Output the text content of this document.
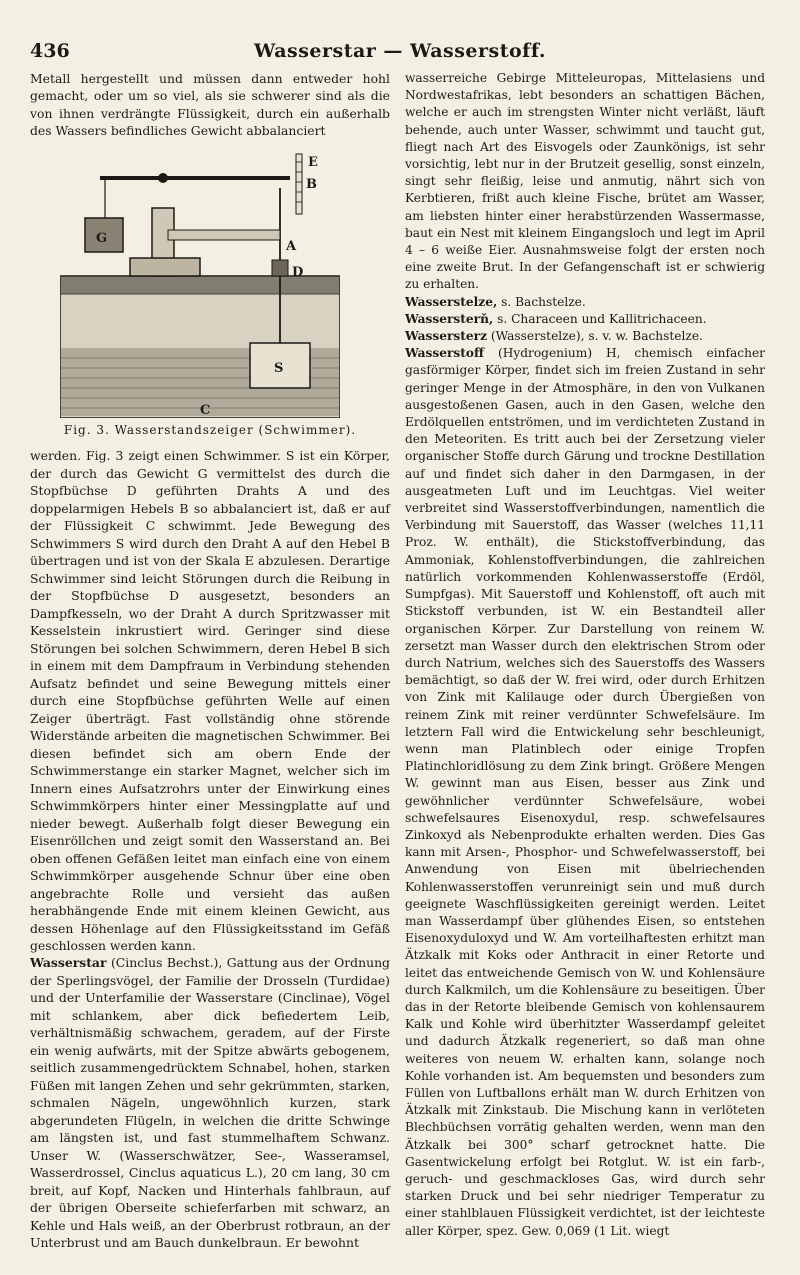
436	Wasserstar — Wasserstoff.

Metall hergestellt und müssen dann entweder hohl gemacht, oder um so viel, als sie schwerer sind als die von ihnen verdrängte Flüssigkeit, durch ein außerhalb des Wassers befindliches Gewicht abbalanciert

E
B
G
A
D
S
C
Fig. 3. Wasserstandszeiger (Schwimmer).

werden. Fig. 3 zeigt einen Schwimmer. S ist ein Körper, der durch das Gewicht G vermittelst des durch die Stopfbüchse D geführten Drahts A und des doppelarmigen Hebels B so abbalanciert ist, daß er auf der Flüssigkeit C schwimmt. Jede Bewegung des Schwimmers S wird durch den Draht A auf den Hebel B übertragen und ist von der Skala E abzulesen. Derartige Schwimmer sind leicht Störungen durch die Reibung in der Stopfbüchse D ausgesetzt, besonders an Dampfkesseln, wo der Draht A durch Spritzwasser mit Kesselstein inkrustiert wird. Geringer sind diese Störungen bei solchen Schwimmern, deren Hebel B sich in einem mit dem Dampfraum in Verbindung stehenden Aufsatz befindet und seine Bewegung mittels einer durch eine Stopfbüchse geführten Welle auf einen Zeiger überträgt. Fast vollständig ohne störende Widerstände arbeiten die magnetischen Schwimmer. Bei diesen befindet sich am obern Ende der Schwimmerstange ein starker Magnet, welcher sich im Innern eines Aufsatzrohrs unter der Einwirkung eines Schwimmkörpers hinter einer Messingplatte auf und nieder bewegt. Außerhalb folgt dieser Bewegung ein Eisenröllchen und zeigt somit den Wasserstand an. Bei oben offenen Gefäßen leitet man einfach eine von einem Schwimmkörper ausgehende Schnur über eine oben angebrachte Rolle und versieht das außen herabhängende Ende mit einem kleinen Gewicht, aus dessen Höhenlage auf den Flüssigkeitsstand im Gefäß geschlossen werden kann.

Wasserstar (Cinclus Bechst.), Gattung aus der Ordnung der Sperlingsvögel, der Familie der Drosseln (Turdidae) und der Unterfamilie der Wasserstare (Cinclinae), Vögel mit schlankem, aber dick befiedertem Leib, verhältnismäßig schwachem, geradem, auf der Firste ein wenig aufwärts, mit der Spitze abwärts gebogenem, seitlich zusammengedrücktem Schnabel, hohen, starken Füßen mit langen Zehen und sehr gekrümmten, starken, schmalen Nägeln, ungewöhnlich kurzen, stark abgerundeten Flügeln, in welchen die dritte Schwinge am längsten ist, und fast stummelhaftem Schwanz. Unser W. (Wasserschwätzer, See-, Wasseramsel, Wasserdrossel, Cinclus aquaticus L.), 20 cm lang, 30 cm breit, auf Kopf, Nacken und Hinterhals fahlbraun, auf der übrigen Oberseite schieferfarben mit schwarz, an Kehle und Hals weiß, an der Oberbrust rotbraun, an der Unterbrust und am Bauch dunkelbraun. Er bewohnt

wasserreiche Gebirge Mitteleuropas, Mittelasiens und Nordwestafrikas, lebt besonders an schattigen Bächen, welche er auch im strengsten Winter nicht verläßt, läuft behende, auch unter Wasser, schwimmt und taucht gut, fliegt nach Art des Eisvogels oder Zaunkönigs, ist sehr vorsichtig, lebt nur in der Brutzeit gesellig, sonst einzeln, singt sehr fleißig, leise und anmutig, nährt sich von Kerbtieren, frißt auch kleine Fische, brütet am Wasser, am liebsten hinter einer herabstürzenden Wassermasse, baut ein Nest mit kleinem Eingangsloch und legt im April 4 – 6 weiße Eier. Ausnahmsweise folgt der ersten noch eine zweite Brut. In der Gefangenschaft ist er schwierig zu erhalten.

Wasserstelze, s. Bachstelze.

Wassersterň, s. Characeen und Kallitrichaceen.

Wassersterz (Wasserstelze), s. v. w. Bachstelze.

Wasserstoff (Hydrogenium) H, chemisch einfacher gasförmiger Körper, findet sich im freien Zustand in sehr geringer Menge in der Atmosphäre, in den von Vulkanen ausgestoßenen Gasen, auch in den Gasen, welche den Erdölquellen entströmen, und im verdichteten Zustand in den Meteoriten. Es tritt auch bei der Zersetzung vieler organischer Stoffe durch Gärung und trockne Destillation auf und findet sich daher in den Darmgasen, in der ausgeatmeten Luft und im Leuchtgas. Viel weiter verbreitet sind Wasserstoffverbindungen, namentlich die Verbindung mit Sauerstoff, das Wasser (welches 11,11 Proz. W. enthält), die Stickstoffverbindung, das Ammoniak, Kohlenstoffverbindungen, die zahlreichen natürlich vorkommenden Kohlenwasserstoffe (Erdöl, Sumpfgas). Mit Sauerstoff und Kohlenstoff, oft auch mit Stickstoff verbunden, ist W. ein Bestandteil aller organischen Körper. Zur Darstellung von reinem W. zersetzt man Wasser durch den elektrischen Strom oder durch Natrium, welches sich des Sauerstoffs des Wassers bemächtigt, so daß der W. frei wird, oder durch Erhitzen von Zink mit Kalilauge oder durch Übergießen von reinem Zink mit reiner verdünnter Schwefelsäure. Im letztern Fall wird die Entwickelung sehr beschleunigt, wenn man Platinblech oder einige Tropfen Platinchloridlösung zu dem Zink bringt. Größere Mengen W. gewinnt man aus Eisen, besser aus Zink und gewöhnlicher verdünnter Schwefelsäure, wobei schwefelsaures Eisenoxydul, resp. schwefelsaures Zinkoxyd als Nebenprodukte erhalten werden. Dies Gas kann mit Arsen-, Phosphor- und Schwefelwasserstoff, bei Anwendung von Eisen mit übelriechenden Kohlenwasserstoffen verunreinigt sein und muß durch geeignete Waschflüssigkeiten gereinigt werden. Leitet man Wasserdampf über glühendes Eisen, so entstehen Eisenoxyduloxyd und W. Am vorteilhaftesten erhitzt man Ätzkalk mit Koks oder Anthracit in einer Retorte und leitet das entweichende Gemisch von W. und Kohlensäure durch Kalkmilch, um die Kohlensäure zu beseitigen. Über das in der Retorte bleibende Gemisch von kohlensaurem Kalk und Kohle wird überhitzter Wasserdampf geleitet und dadurch Ätzkalk regeneriert, so daß man ohne weiteres von neuem W. erhalten kann, solange noch Kohle vorhanden ist. Am bequemsten und besonders zum Füllen von Luftballons erhält man W. durch Erhitzen von Ätzkalk mit Zinkstaub. Die Mischung kann in verlöteten Blechbüchsen vorrätig gehalten werden, wenn man den Ätzkalk bei 300° scharf getrocknet hatte. Die Gasentwickelung erfolgt bei Rotglut. W. ist ein farb-, geruch- und geschmackloses Gas, wird durch sehr starken Druck und bei sehr niedriger Temperatur zu einer stahlblauen Flüssigkeit verdichtet, ist der leichteste aller Körper, spez. Gew. 0,069 (1 Lit. wiegt
